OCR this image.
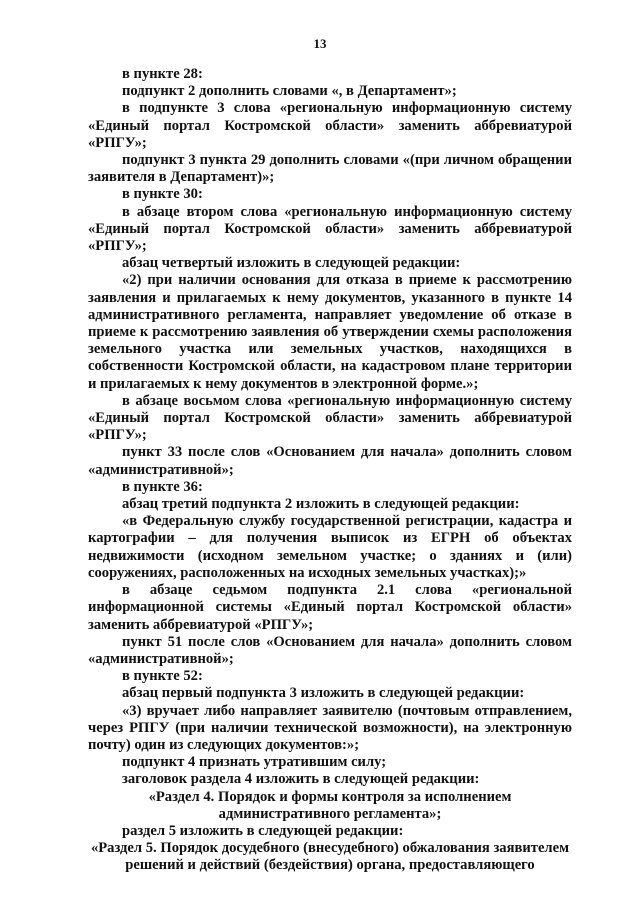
13

в пункте 28:

подпункт 2 дополнить словами «, в Департамент»;

в подпункте 3 слова «региональную информационную систему «Единый портал Костромской области» заменить аббревиатурой «РПГУ»;

подпункт 3 пункта 29 дополнить словами «(при личном обращении заявителя в Департамент)»;

в пункте 30:

в абзаце втором слова «региональную информационную систему «Единый портал Костромской области» заменить аббревиатурой «РПГУ»;

абзац четвертый изложить в следующей редакции:

«2) при наличии основания для отказа в приеме к рассмотрению заявления и прилагаемых к нему документов, указанного в пункте 14 административного регламента, направляет уведомление об отказе в приеме к рассмотрению заявления об утверждении схемы расположения земельного участка или земельных участков, находящихся в собственности Костромской области, на кадастровом плане территории и прилагаемых к нему документов в электронной форме.»;

в абзаце восьмом слова «региональную информационную систему «Единый портал Костромской области» заменить аббревиатурой «РПГУ»;

пункт 33 после слов «Основанием для начала» дополнить словом «административной»;

в пункте 36:

абзац третий подпункта 2 изложить в следующей редакции:

«в Федеральную службу государственной регистрации, кадастра и картографии – для получения выписок из ЕГРН об объектах недвижимости (исходном земельном участке; о зданиях и (или) сооружениях, расположенных на исходных земельных участках);»

в абзаце седьмом подпункта 2.1 слова «региональной информационной системы «Единый портал Костромской области» заменить аббревиатурой «РПГУ»;

пункт 51 после слов «Основанием для начала» дополнить словом «административной»;

в пункте 52:

абзац первый подпункта 3 изложить в следующей редакции:

«3) вручает либо направляет заявителю (почтовым отправлением, через РПГУ (при наличии технической возможности), на электронную почту) один из следующих документов:»;

подпункт 4 признать утратившим силу;

заголовок раздела 4 изложить в следующей редакции:

«Раздел 4. Порядок и формы контроля за исполнением административного регламента»;

раздел 5 изложить в следующей редакции:

«Раздел 5. Порядок досудебного (внесудебного) обжалования заявителем решений и действий (бездействия) органа, предоставляющего
